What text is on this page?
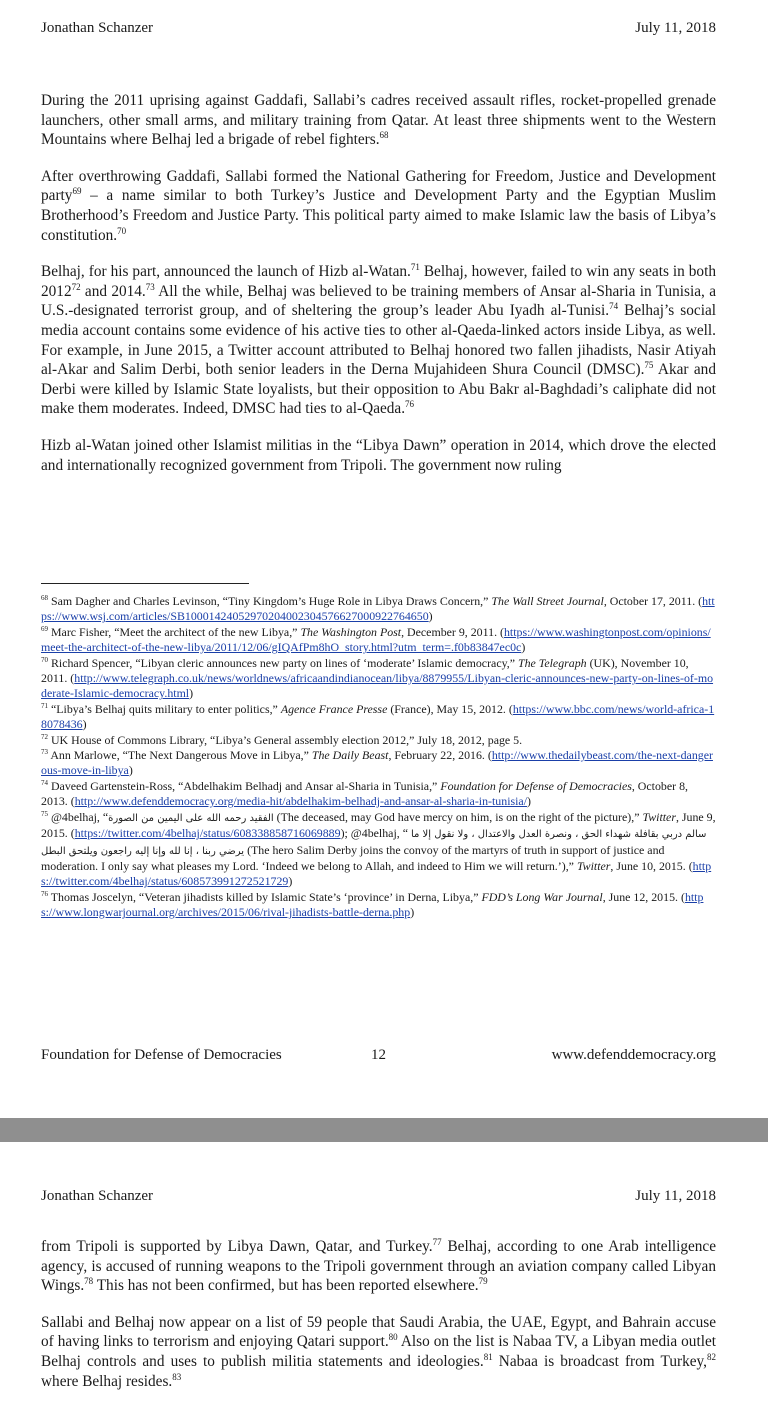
Jonathan Schanzer	July 11, 2018

During the 2011 uprising against Gaddafi, Sallabi’s cadres received assault rifles, rocket-propelled grenade launchers, other small arms, and military training from Qatar. At least three shipments went to the Western Mountains where Belhaj led a brigade of rebel fighters.$^{68}$

After overthrowing Gaddafi, Sallabi formed the National Gathering for Freedom, Justice and Development party$^{69}$ – a name similar to both Turkey’s Justice and Development Party and the Egyptian Muslim Brotherhood’s Freedom and Justice Party. This political party aimed to make Islamic law the basis of Libya’s constitution.$^{70}$

Belhaj, for his part, announced the launch of Hizb al-Watan.$^{71}$ Belhaj, however, failed to win any seats in both 2012$^{72}$ and 2014.73 All the while, Belhaj was believed to be training members of Ansar al-Sharia in Tunisia, a U.S.-designated terrorist group, and of sheltering the group’s leader Abu Iyadh al-Tunisi.$^{74}$ Belhaj’s social media account contains some evidence of his active ties to other al-Qaeda-linked actors inside Libya, as well. For example, in June 2015, a Twitter account attributed to Belhaj honored two fallen jihadists, Nasir Atiyah al-Akar and Salim Derbi, both senior leaders in the Derna Mujahideen Shura Council (DMSC).$^{75}$ Akar and Derbi were killed by Islamic State loyalists, but their opposition to Abu Bakr al-Baghdadi’s caliphate did not make them moderates. Indeed, DMSC had ties to al-Qaeda.$^{76}$

Hizb al-Watan joined other Islamist militias in the “Libya Dawn” operation in 2014, which drove the elected and internationally recognized government from Tripoli. The government now ruling

$^{68}$ Sam Dagher and Charles Levinson, “Tiny Kingdom’s Huge Role in Libya Draws Concern,” The Wall Street Journal, October 17, 2011. (https://www.wsj.com/articles/SB10001424052970204002304576627000922764650)

$^{69}$ Marc Fisher, “Meet the architect of the new Libya,” The Washington Post, December 9, 2011. (https://www.washingtonpost.com/opinions/meet-the-architect-of-the-new-libya/2011/12/06/gIQAfPm8hO_story.html?utm_term=.f0b83847ec0c)

$^{70}$ Richard Spencer, “Libyan cleric announces new party on lines of ‘moderate’ Islamic democracy,” The Telegraph (UK), November 10, 2011. (http://www.telegraph.co.uk/news/worldnews/africaandindianocean/libya/8879955/Libyan-cleric-announces-new-party-on-lines-of-moderate-Islamic-democracy.html)

$^{71}$ “Libya’s Belhaj quits military to enter politics,” Agence France Presse (France), May 15, 2012. (https://www.bbc.com/news/world-africa-18078436)

$^{72}$ UK House of Commons Library, “Libya’s General assembly election 2012,” July 18, 2012, page 5.

$^{73}$ Ann Marlowe, “The Next Dangerous Move in Libya,” The Daily Beast, February 22, 2016. (http://www.thedailybeast.com/the-next-dangerous-move-in-libya)

$^{74}$ Daveed Gartenstein-Ross, “Abdelhakim Belhadj and Ansar al-Sharia in Tunisia,” Foundation for Defense of Democracies, October 8, 2013. (http://www.defenddemocracy.org/media-hit/abdelhakim-belhadj-and-ansar-al-sharia-in-tunisia/)

$^{75}$ @4belhaj, “الفقيد رحمه الله على اليمين من الصورة (The deceased, may God have mercy on him, is on the right of the picture),” Twitter, June 9, 2015. (https://twitter.com/4belhaj/status/608338858716069889); @4belhaj, “ سالم دربي بقافلة شهداء الحق ، ونصرة العدل والاعتدال ، ولا نقول إلا ما يرضي ربنا ، إنا لله وإنا إليه راجعون ويلتحق البطل (The hero Salim Derby joins the convoy of the martyrs of truth in support of justice and moderation. I only say what pleases my Lord. ‘Indeed we belong to Allah, and indeed to Him we will return.’),” Twitter, June 10, 2015. (https://twitter.com/4belhaj/status/608573991272521729)

$^{76}$ Thomas Joscelyn, “Veteran jihadists killed by Islamic State’s ‘province’ in Derna, Libya,” FDD’s Long War Journal, June 12, 2015. (https://www.longwarjournal.org/archives/2015/06/rival-jihadists-battle-derna.php)

Foundation for Defense of Democracies	12	www.defenddemocracy.org
Jonathan Schanzer	July 11, 2018

from Tripoli is supported by Libya Dawn, Qatar, and Turkey.$^{77}$ Belhaj, according to one Arab intelligence agency, is accused of running weapons to the Tripoli government through an aviation company called Libyan Wings.$^{78}$ This has not been confirmed, but has been reported elsewhere.$^{79}$

Sallabi and Belhaj now appear on a list of 59 people that Saudi Arabia, the UAE, Egypt, and Bahrain accuse of having links to terrorism and enjoying Qatari support.$^{80}$ Also on the list is Nabaa TV, a Libyan media outlet Belhaj controls and uses to publish militia statements and ideologies.$^{81}$ Nabaa is broadcast from Turkey,$^{82}$ where Belhaj resides.$^{83}$
